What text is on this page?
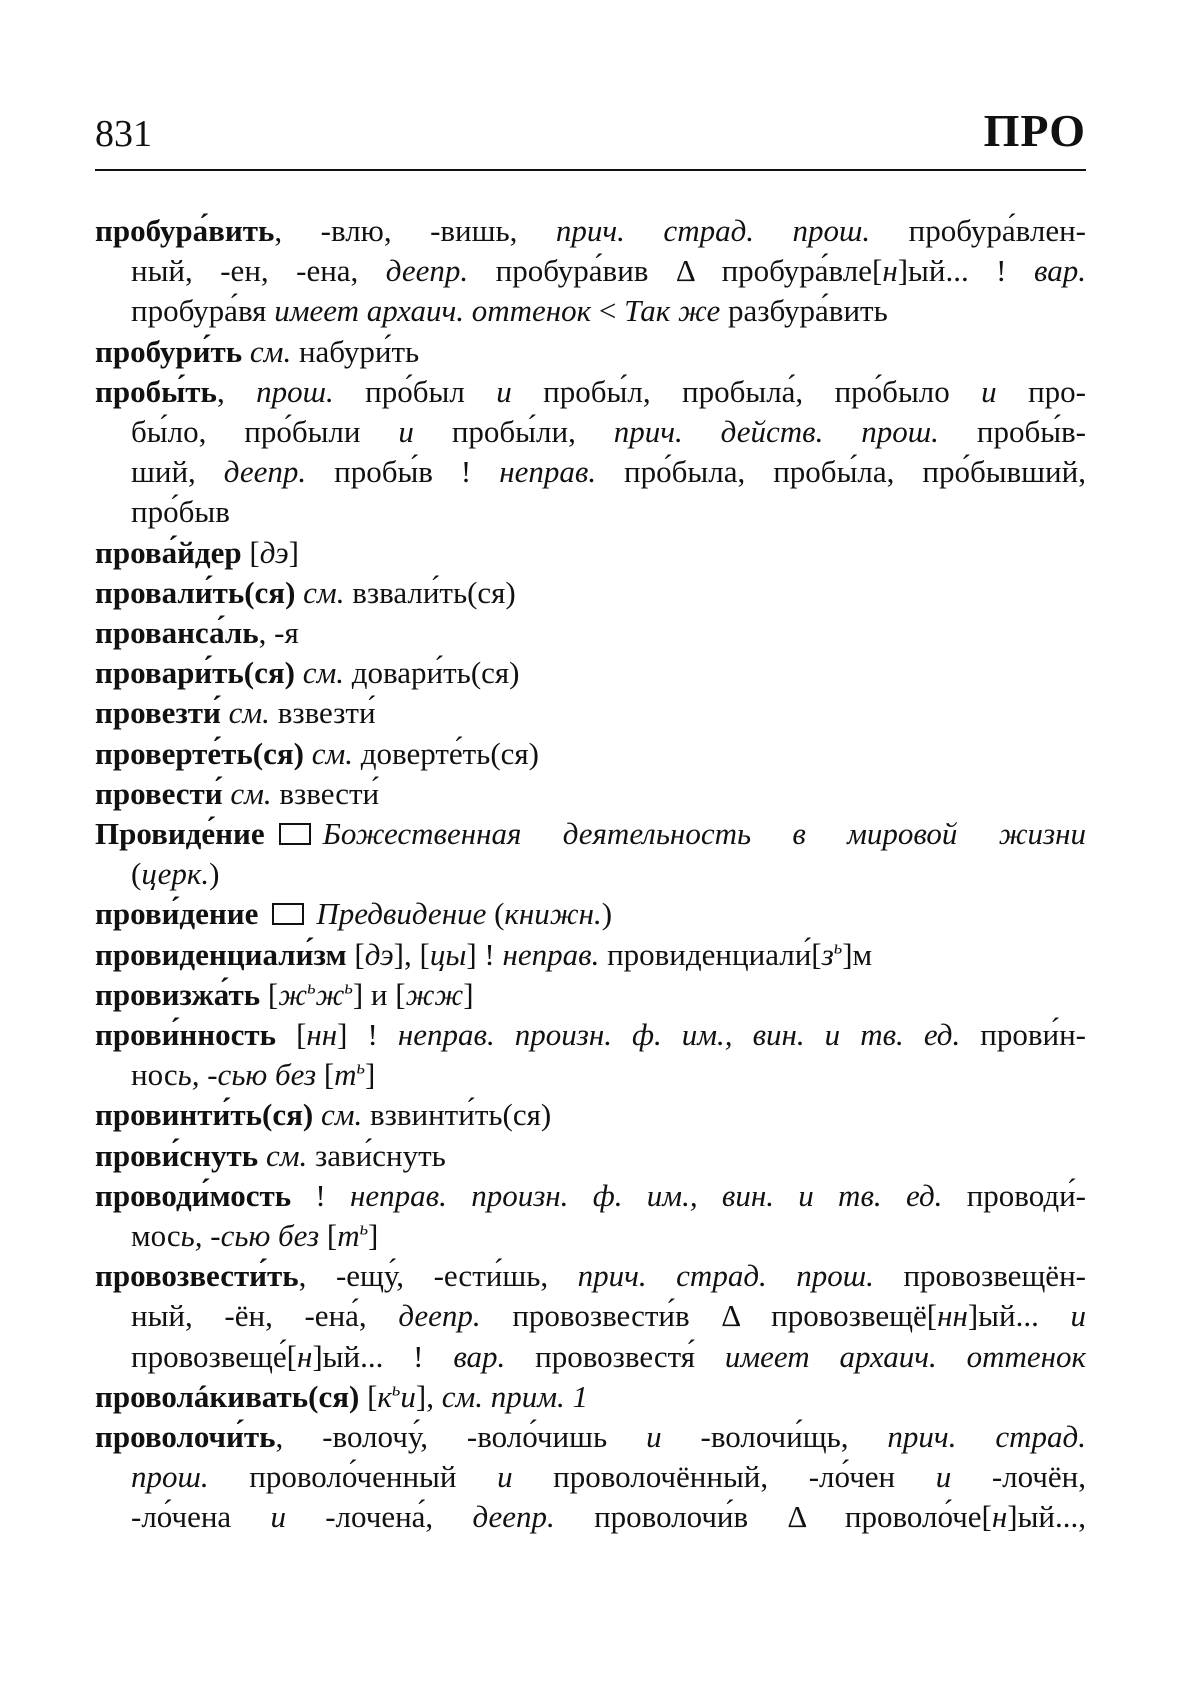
831	ПРО
пробура́вить, -влю, -вишь, прич. страд. прош. пробура́влен-
ный, -ен, -ена, деепр. пробура́вив Δ пробура́вле[н]ый... ! вар.
пробура́вя имеет архаич. оттенок < Так же разбура́вить
пробури́ть см. набури́ть
пробы́ть, прош. про́был и пробы́л, пробыла́, про́было и про-
бы́ло, про́были и пробы́ли, прич. действ. прош. пробы́в-
ший, деепр. пробы́в ! неправ. про́была, пробы́ла, про́бывший,
про́быв
прова́йдер [дэ]
провали́ть(ся) см. взвали́ть(ся)
прованса́ль, -я
провари́ть(ся) см. довари́ть(ся)
провезти́ см. взвезти́
проверте́ть(ся) см. доверте́ть(ся)
провести́ см. взвести́
Провиде́ние Божественная деятельность в мировой жизни
(церк.)
прови́дение Предвидение (книжн.)
провиденциали́зм [дэ], [цы] ! неправ. $провиденциали́[з^ь]м$
провизжа́ть $[ж^ьж^ь]$ и [жж]
прови́нность [нн] ! неправ. произн. ф. им., вин. и тв. ед. прови́н-
нось, -сью без $[т^ь]$
провинти́ть(ся) см. взвинти́ть(ся)
прови́снуть см. зави́снуть
проводи́мость ! неправ. произн. ф. им., вин. и тв. ед. проводи́-
мось, -сью без $[т^ь]$
провозвести́ть, -ещу́, -ести́шь, прич. страд. прош. провозвещён-
ный, -ён, -ена́, деепр. провозвести́в Δ провозвещё[нн]ый... и
провозвеще́[н]ый... ! вар. провозвестя́ имеет архаич. оттенок
проволáкивать(ся) $[к^ьи]$, см. прим. 1
проволочи́ть, -волочу́, -воло́чишь и -волочи́щь, прич. страд.
прош. проволо́ченный и проволочённый, -ло́чен и -лочён,
-ло́чена и -лочена́, деепр. проволочи́в Δ проволо́че[н]ый...,
